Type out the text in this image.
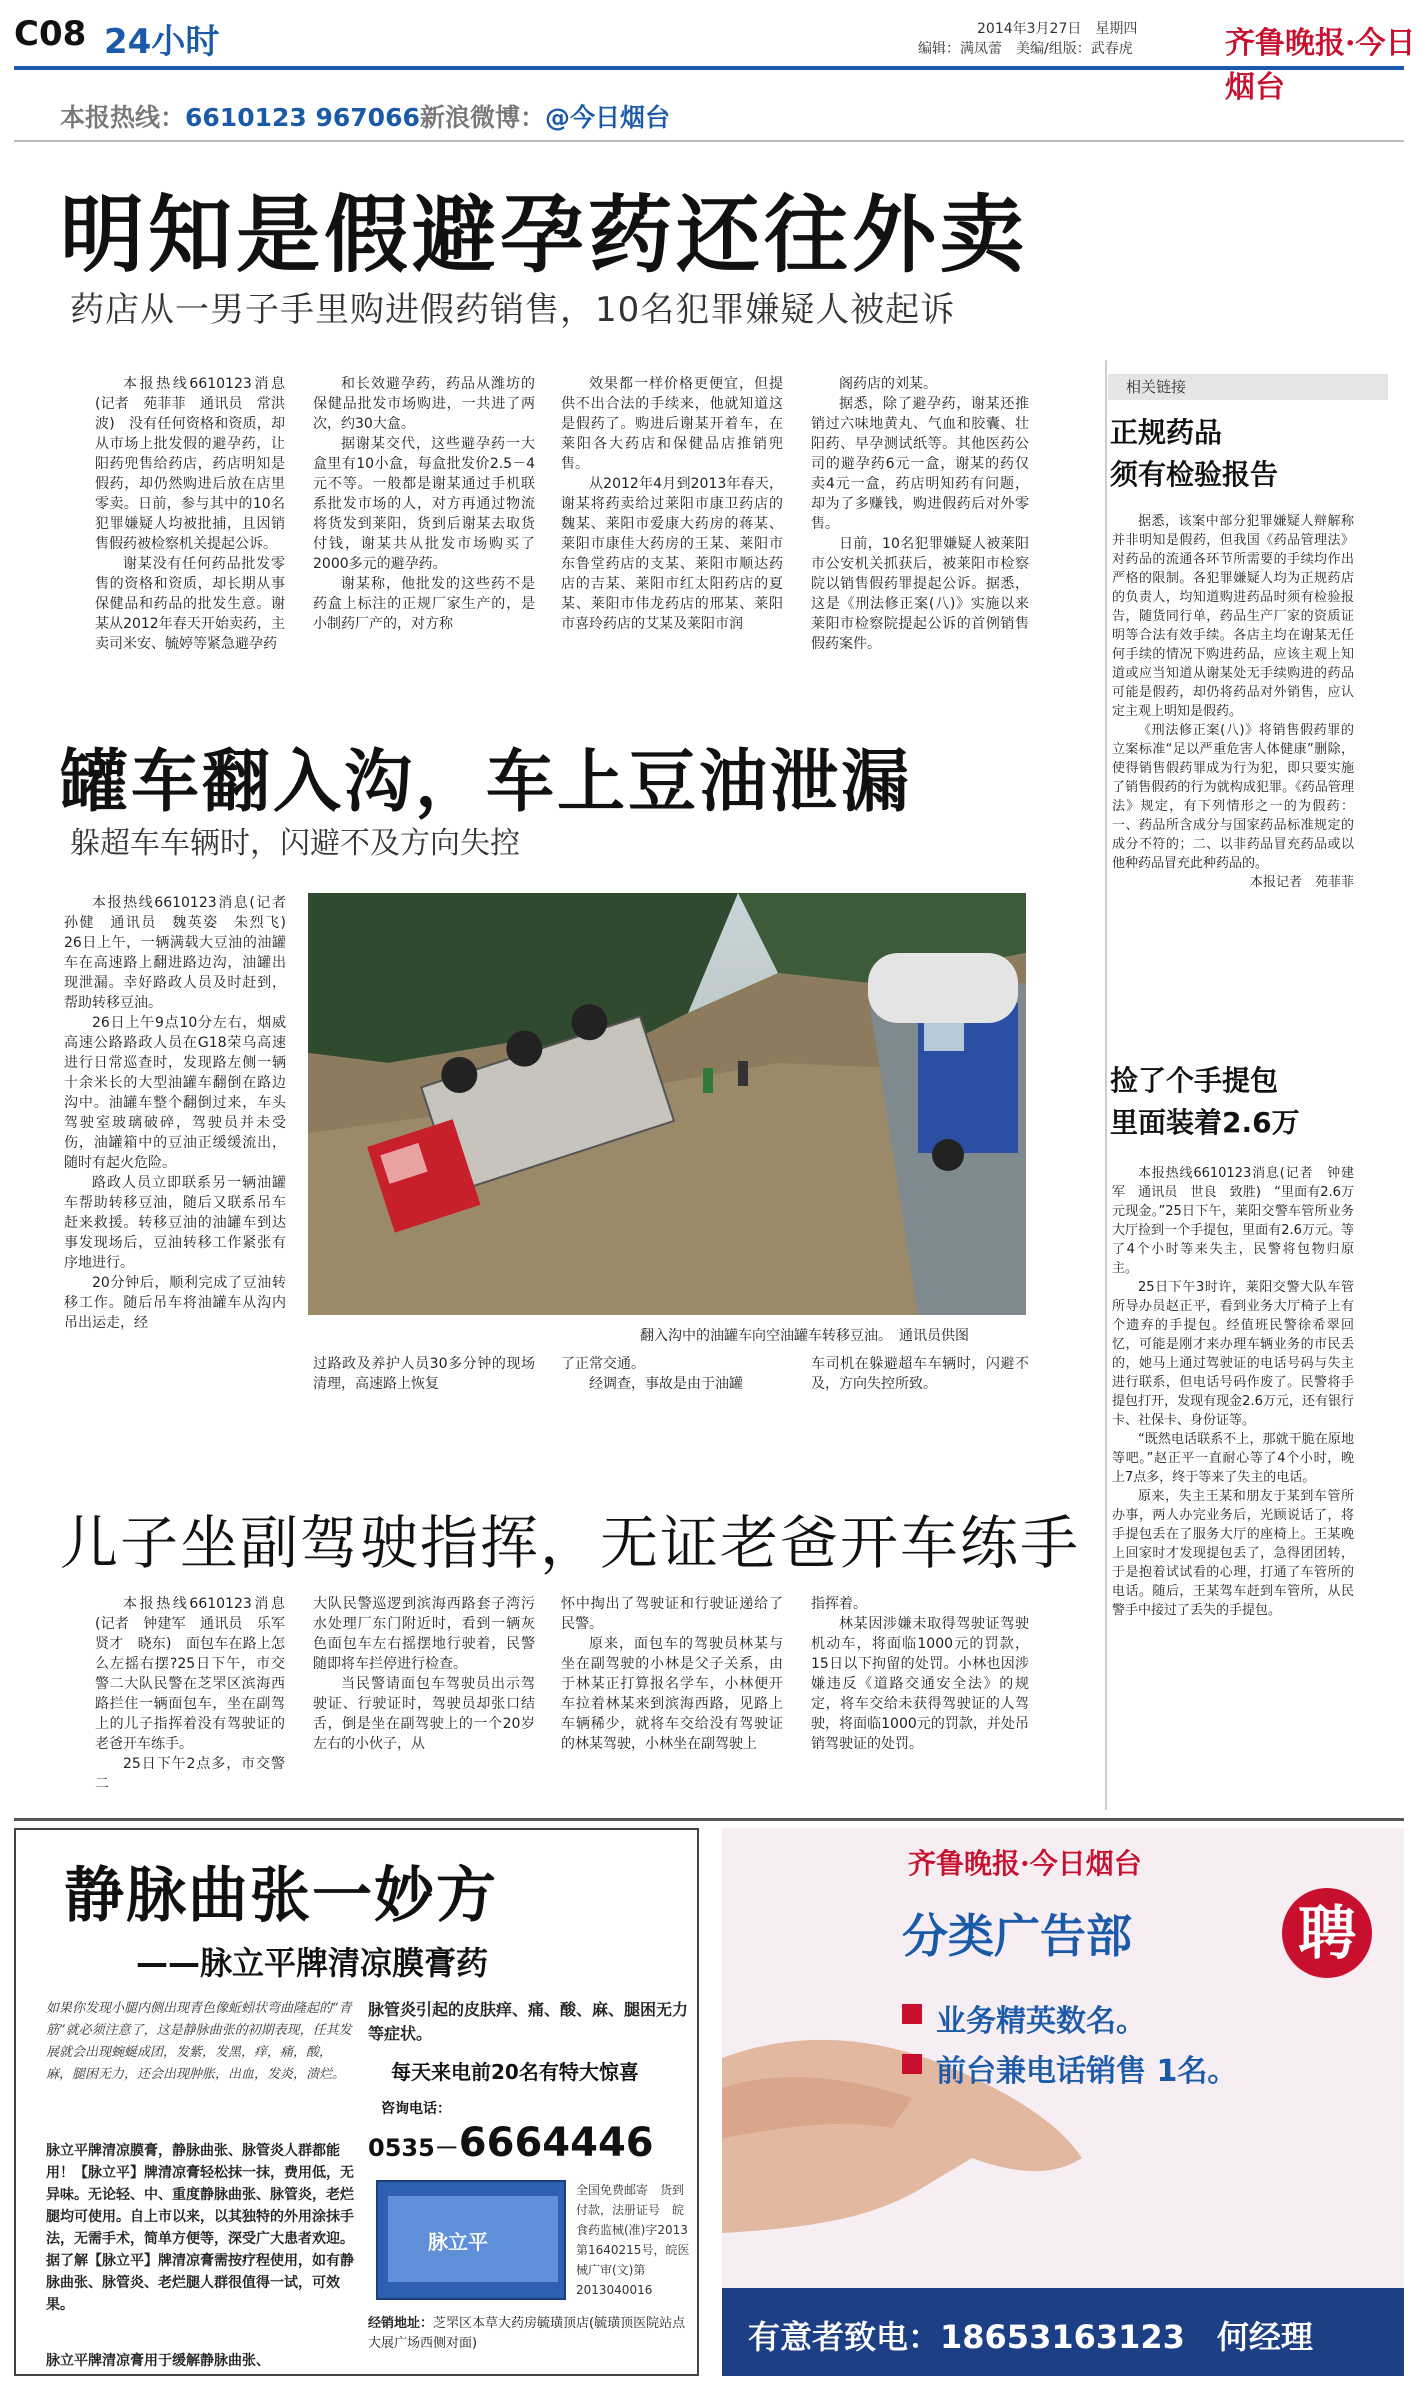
C08 24小时	2014年3月27日　星期四
编辑：满凤蕾　美编/组版：武春虎	齐鲁晚报·今日烟台
本报热线：6610123 967066 新浪微博：@今日烟台
明知是假避孕药还往外卖
药店从一男子手里购进假药销售，10名犯罪嫌疑人被起诉

本报热线6610123消息(记者　苑菲菲　通讯员　常洪波)　没有任何资格和资质，却从市场上批发假的避孕药，让阳药兜售给药店，药店明知是假药，却仍然购进后放在店里零卖。日前，参与其中的10名犯罪嫌疑人均被批捕，且因销售假药被检察机关提起公诉。

谢某没有任何药品批发零售的资格和资质，却长期从事保健品和药品的批发生意。谢某从2012年春天开始卖药，主卖司米安、毓婷等紧急避孕药

和长效避孕药，药品从潍坊的保健品批发市场购进，一共进了两次，约30大盒。

据谢某交代，这些避孕药一大盒里有10小盒，每盒批发价2.5－4元不等。一般都是谢某通过手机联系批发市场的人，对方再通过物流将货发到莱阳，货到后谢某去取货付钱，谢某共从批发市场购买了2000多元的避孕药。

谢某称，他批发的这些药不是药盒上标注的正规厂家生产的，是小制药厂产的，对方称

效果都一样价格更便宜，但提供不出合法的手续来，他就知道这是假药了。购进后谢某开着车，在莱阳各大药店和保健品店推销兜售。

从2012年4月到2013年春天，谢某将药卖给过莱阳市康卫药店的魏某、莱阳市爱康大药房的蒋某、莱阳市康佳大药房的王某、莱阳市东鲁堂药店的支某、莱阳市顺达药店的吉某、莱阳市红太阳药店的夏某、莱阳市伟龙药店的邢某、莱阳市喜玲药店的艾某及莱阳市润

阁药店的刘某。

据悉，除了避孕药，谢某还推销过六味地黄丸、气血和胶囊、壮阳药、早孕测试纸等。其他医药公司的避孕药6元一盒，谢某的药仅卖4元一盒，药店明知药有问题，却为了多赚钱，购进假药后对外零售。

日前，10名犯罪嫌疑人被莱阳市公安机关抓获后，被莱阳市检察院以销售假药罪提起公诉。据悉，这是《刑法修正案(八)》实施以来莱阳市检察院提起公诉的首例销售假药案件。

相关链接
正规药品
须有检验报告

据悉，该案中部分犯罪嫌疑人辩解称并非明知是假药，但我国《药品管理法》对药品的流通各环节所需要的手续均作出严格的限制。各犯罪嫌疑人均为正规药店的负责人，均知道购进药品时须有检验报告，随货同行单，药品生产厂家的资质证明等合法有效手续。各店主均在谢某无任何手续的情况下购进药品，应该主观上知道或应当知道从谢某处无手续购进的药品可能是假药，却仍将药品对外销售，应认定主观上明知是假药。

《刑法修正案(八)》将销售假药罪的立案标准“足以严重危害人体健康”删除，使得销售假药罪成为行为犯，即只要实施了销售假药的行为就构成犯罪。《药品管理法》规定，有下列情形之一的为假药：一、药品所含成分与国家药品标准规定的成分不符的；二、以非药品冒充药品或以他种药品冒充此种药品的。

本报记者　苑菲菲

罐车翻入沟，车上豆油泄漏
躲超车车辆时，闪避不及方向失控

本报热线6610123消息(记者　孙健　通讯员　魏英姿　朱烈飞)　26日上午，一辆满载大豆油的油罐车在高速路上翻进路边沟，油罐出现泄漏。幸好路政人员及时赶到，帮助转移豆油。

26日上午9点10分左右，烟威高速公路路政人员在G18荣乌高速进行日常巡查时，发现路左侧一辆十余米长的大型油罐车翻倒在路边沟中。油罐车整个翻倒过来，车头驾驶室玻璃破碎，驾驶员并未受伤，油罐箱中的豆油正缓缓流出，随时有起火危险。

路政人员立即联系另一辆油罐车帮助转移豆油，随后又联系吊车赶来救援。转移豆油的油罐车到达事发现场后，豆油转移工作紧张有序地进行。

20分钟后，顺利完成了豆油转移工作。随后吊车将油罐车从沟内吊出运走，经

翻入沟中的油罐车向空油罐车转移豆油。　通讯员供图

过路政及养护人员30多分钟的现场清理，高速路上恢复

了正常交通。

经调查，事故是由于油罐

车司机在躲避超车车辆时，闪避不及，方向失控所致。

捡了个手提包
里面装着2.6万

本报热线6610123消息(记者　钟建军　通讯员　世良　致胜)　“里面有2.6万元现金。”25日下午，莱阳交警车管所业务大厅捡到一个手提包，里面有2.6万元。等了4个小时等来失主，民警将包物归原主。

25日下午3时许，莱阳交警大队车管所导办员赵正平，看到业务大厅椅子上有个遗弃的手提包。经值班民警徐希翠回忆，可能是刚才来办理车辆业务的市民丢的，她马上通过驾驶证的电话号码与失主进行联系，但电话号码作废了。民警将手提包打开，发现有现金2.6万元，还有银行卡、社保卡、身份证等。

“既然电话联系不上，那就干脆在原地等吧。”赵正平一直耐心等了4个小时，晚上7点多，终于等来了失主的电话。

原来，失主王某和朋友于某到车管所办事，两人办完业务后，光顾说话了，将手提包丢在了服务大厅的座椅上。王某晚上回家时才发现提包丢了，急得团团转，于是抱着试试看的心理，打通了车管所的电话。随后，王某驾车赶到车管所，从民警手中接过了丢失的手提包。

儿子坐副驾驶指挥，无证老爸开车练手

本报热线6610123消息(记者　钟建军　通讯员　乐军　贤才　晓东)　面包车在路上怎么左摇右摆?25日下午，市交警二大队民警在芝罘区滨海西路拦住一辆面包车，坐在副驾上的儿子指挥着没有驾驶证的老爸开车练手。

25日下午2点多，市交警二

大队民警巡逻到滨海西路套子湾污水处理厂东门附近时，看到一辆灰色面包车左右摇摆地行驶着，民警随即将车拦停进行检查。

当民警请面包车驾驶员出示驾驶证、行驶证时，驾驶员却张口结舌，倒是坐在副驾驶上的一个20岁左右的小伙子，从

怀中掏出了驾驶证和行驶证递给了民警。

原来，面包车的驾驶员林某与坐在副驾驶的小林是父子关系，由于林某正打算报名学车，小林便开车拉着林某来到滨海西路，见路上车辆稀少，就将车交给没有驾驶证的林某驾驶，小林坐在副驾驶上

指挥着。

林某因涉嫌未取得驾驶证驾驶机动车，将面临1000元的罚款，15日以下拘留的处罚。小林也因涉嫌违反《道路交通安全法》的规定，将车交给未获得驾驶证的人驾驶，将面临1000元的罚款，并处吊销驾驶证的处罚。

静脉曲张一妙方
——脉立平牌清凉膜膏药
如果你发现小腿内侧出现青色像蚯蚓状弯曲隆起的“青筋”就必须注意了，这是静脉曲张的初期表现，任其发展就会出现蜿蜒成团，发紫，发黑，痒，痛，酸，麻，腿困无力，还会出现肿胀，出血，发炎，溃烂。
脉立平牌清凉膜膏，静脉曲张、脉管炎人群都能用！【脉立平】牌清凉膏轻松抹一抹，费用低，无异味。无论轻、中、重度静脉曲张、脉管炎，老烂腿均可使用。自上市以来，以其独特的外用涂抹手法，无需手术，简单方便等，深受广大患者欢迎。据了解【脉立平】牌清凉膏需按疗程使用，如有静脉曲张、脉管炎、老烂腿人群很值得一试，可效果。
脉立平牌清凉膏用于缓解静脉曲张、
脉管炎引起的皮肤痒、痛、酸、麻、腿困无力等症状。
每天来电前20名有特大惊喜
咨询电话：
0535－6664446
脉立平
全国免费邮寄　货到付款，法册证号　皖食药监械(准)字2013第1640215号，皖医械广审(文)第2013040016
经销地址：芝罘区本草大药房毓璜顶店(毓璜顶医院站点大展广场西侧对面)
齐鲁晚报·今日烟台
分类广告部	聘
业务精英数名。
前台兼电话销售 1名。
有意者致电：18653163123　何经理
